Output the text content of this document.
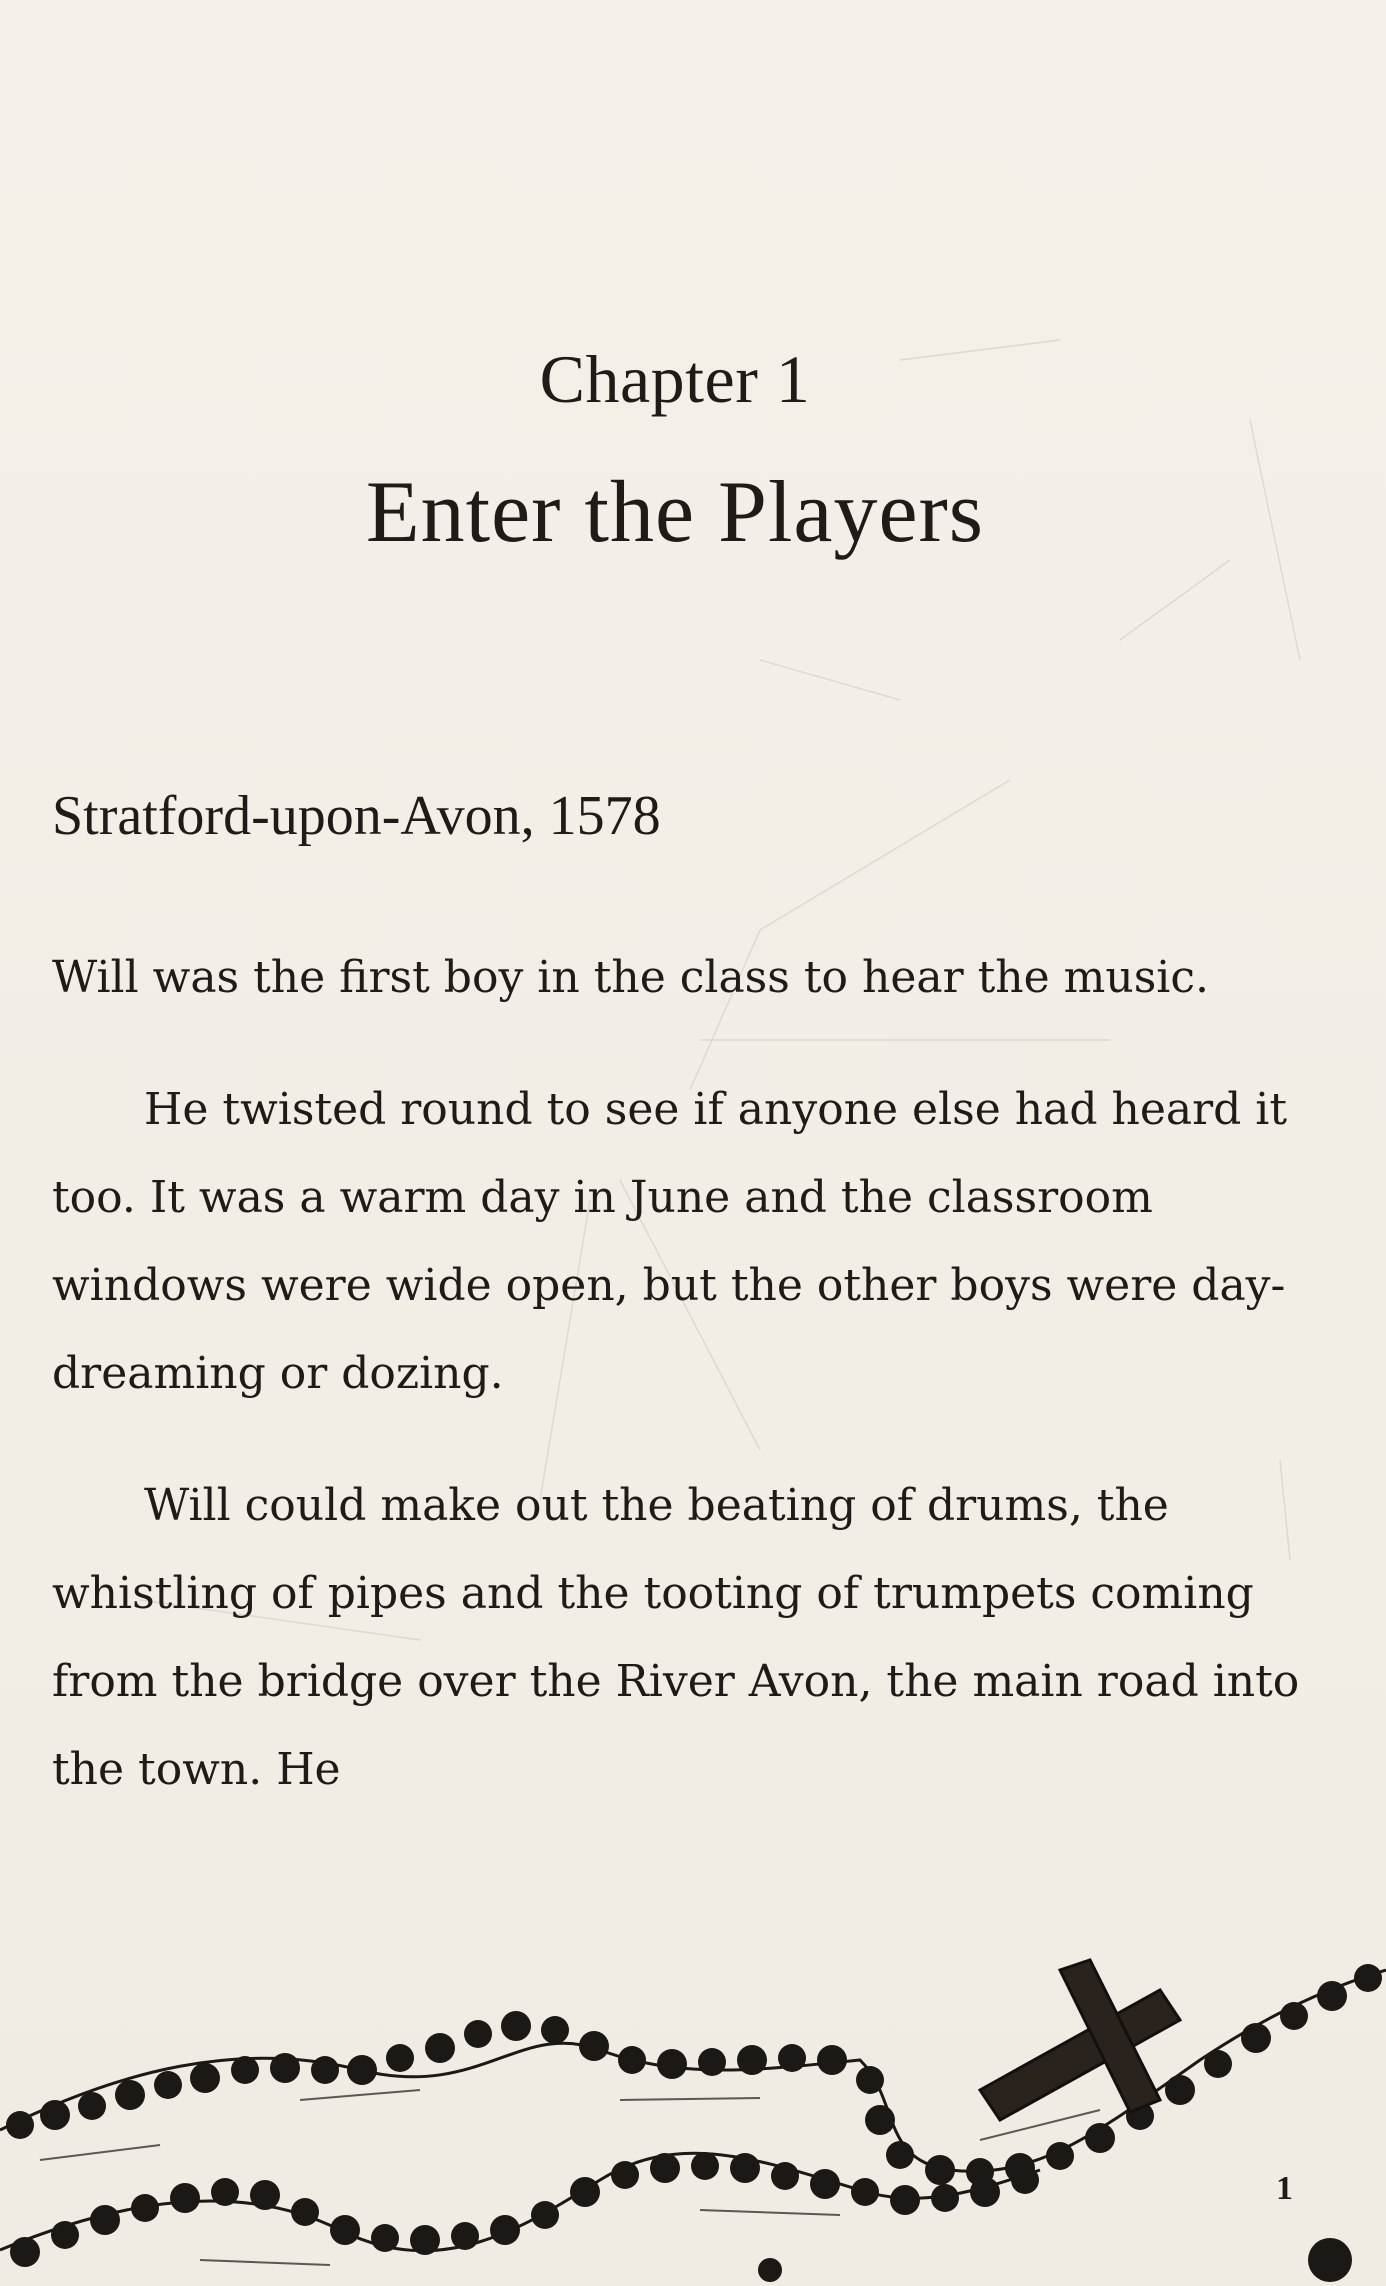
Chapter 1
Enter the Players
Stratford-upon-Avon, 1578

Will was the first boy in the class to hear the music.

He twisted round to see if anyone else had heard it too. It was a warm day in June and the classroom windows were wide open, but the other boys were day-dreaming or dozing.

Will could make out the beating of drums, the whistling of pipes and the tooting of trumpets coming from the bridge over the River Avon, the main road into the town. He

1
